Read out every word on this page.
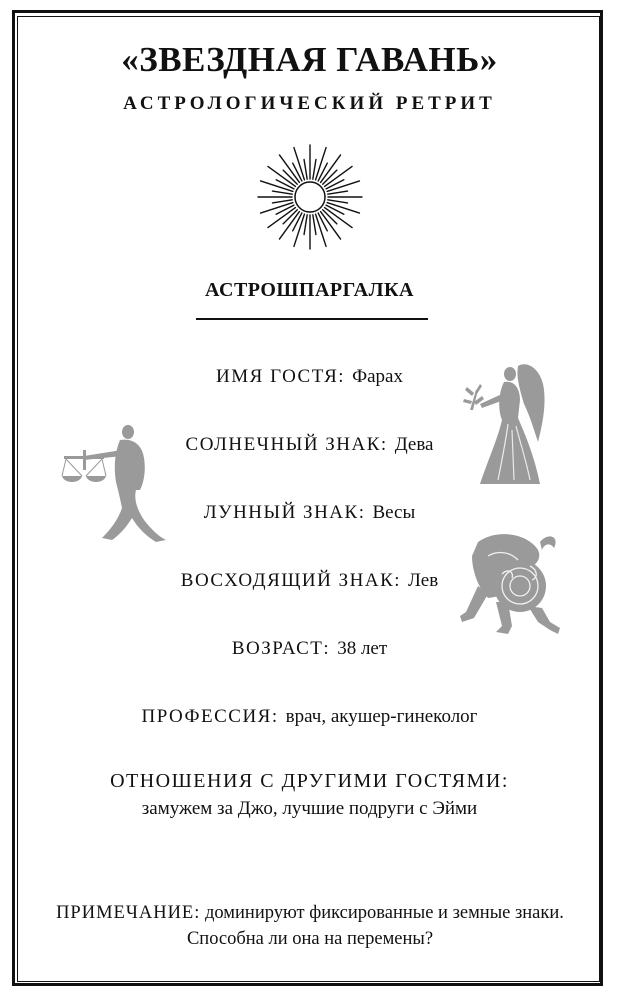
«ЗВЕЗДНАЯ ГАВАНЬ»
АСТРОЛОГИЧЕСКИЙ РЕТРИТ
АСТРОШПАРГАЛКА
ИМЯ ГОСТЯ: Фарах
СОЛНЕЧНЫЙ ЗНАК: Дева
ЛУННЫЙ ЗНАК: Весы
ВОСХОДЯЩИЙ ЗНАК: Лев
ВОЗРАСТ: 38 лет
ПРОФЕССИЯ: врач, акушер-гинеколог
ОТНОШЕНИЯ С ДРУГИМИ ГОСТЯМИ:
замужем за Джо, лучшие подруги с Эйми
ПРИМЕЧАНИЕ: доминируют фиксированные и земные знаки. Способна ли она на перемены?
